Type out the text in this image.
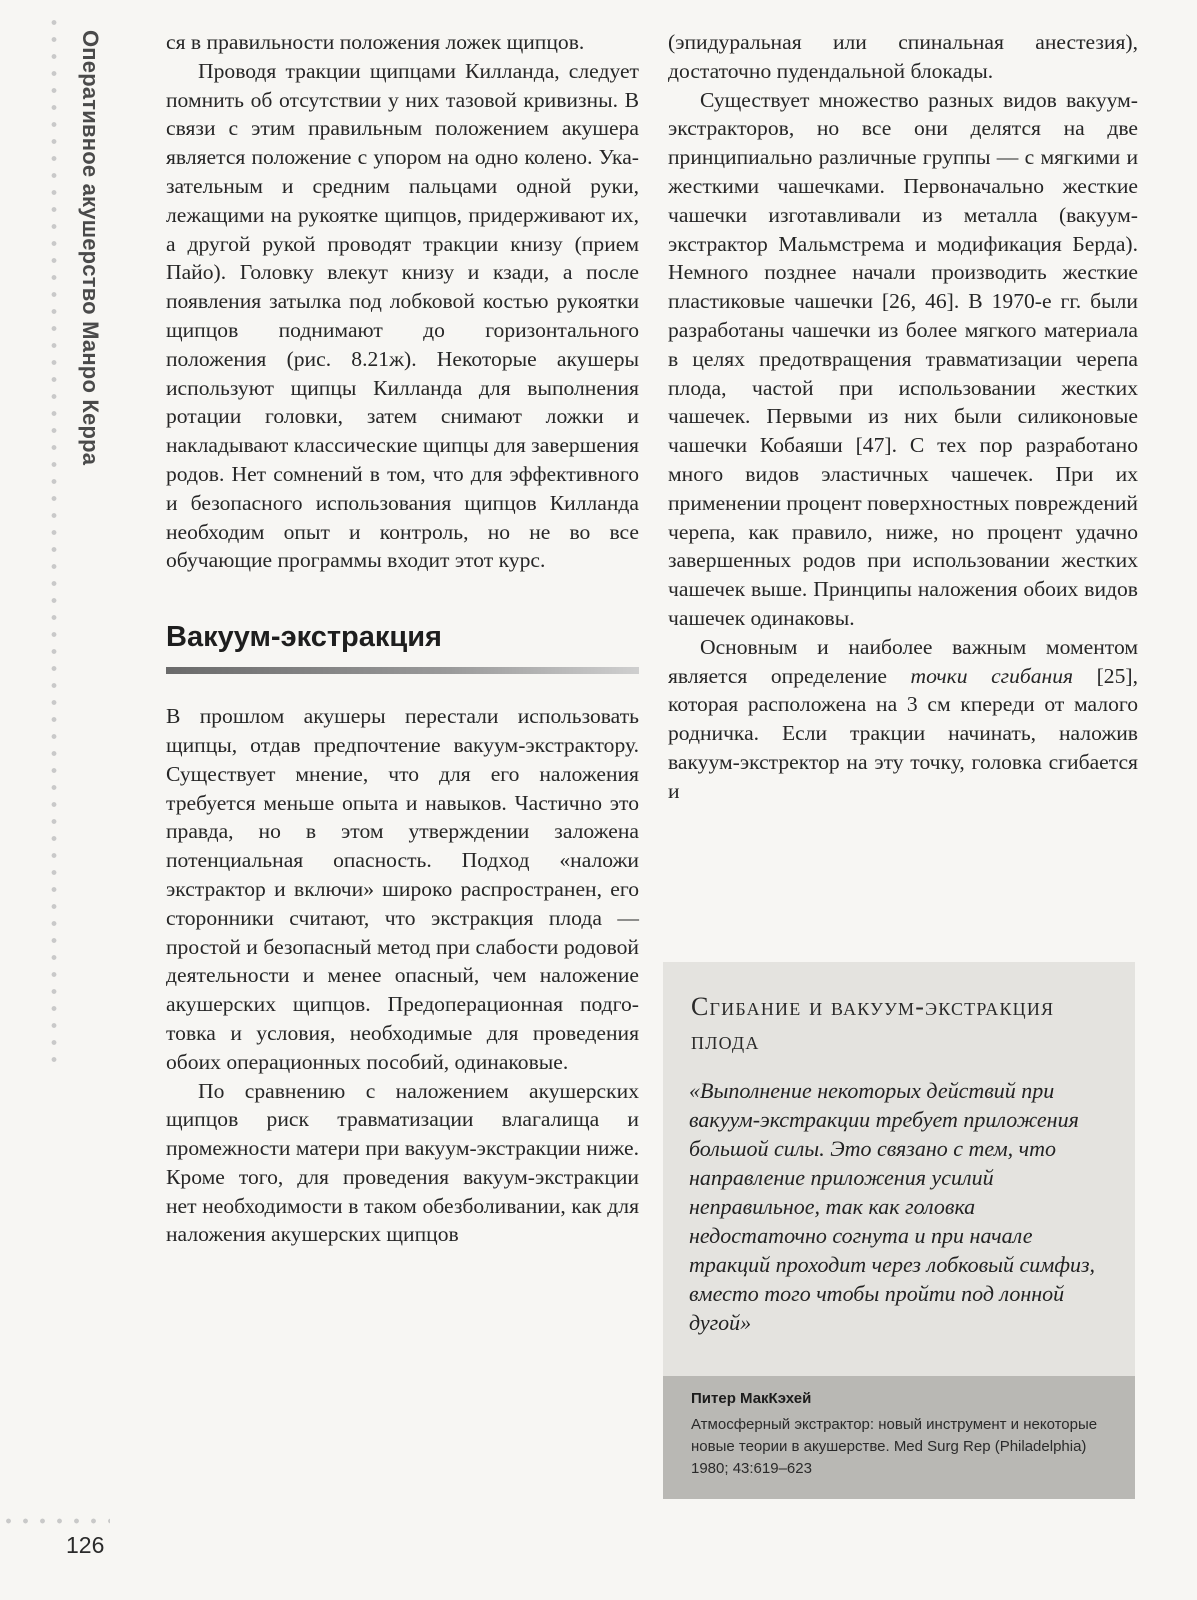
Оперативное акушерство Манро Керра	ся в правильности положения ложек щипцов.

Проводя тракции щипцами Килланда, следует помнить об отсутствии у них тазовой кривизны. В связи с этим правильным положением акушера является положение с упором на одно колено. Указательным и средним пальцами одной руки, лежащими на рукоятке щипцов, придерживают их, а другой рукой проводят тракции книзу (прием Пайо). Головку влекут книзу и кзади, а после появления затылка под лобковой костью рукоятки щипцов поднимают до горизонтального положения (рис. 8.21ж). Некоторые акушеры используют щипцы Килланда для выполнения ротации головки, затем снимают ложки и накладывают классические щипцы для завершения родов. Нет сомнений в том, что для эффективного и безопасного использования щипцов Килланда необходим опыт и контроль, но не во все обучающие программы входит этот курс.

Вакуум-экстракция

В прошлом акушеры перестали использовать щипцы, отдав предпочтение вакуум-экстрактору. Существует мнение, что для его наложения требуется меньше опыта и навыков. Частично это правда, но в этом утверждении заложена потенциальная опасность. Подход «наложи экстрактор и включи» широко распространен, его сторонники считают, что экстракция плода — простой и безопасный метод при слабости родовой деятельности и менее опасный, чем наложение акушерских щипцов. Предоперационная подготовка и условия, необходимые для проведения обоих операционных пособий, одинаковые.

По сравнению с наложением акушерских щипцов риск травматизации влагалища и промежности матери при вакуум-экстракции ниже. Кроме того, для проведения вакуум-экстракции нет необходимости в таком обезболивании, как для наложения акушерских щипцов

(эпидуральная или спинальная анестезия), достаточно пудендальной блокады.

Существует множество разных видов вакуум-экстракторов, но все они делятся на две принципиально различные группы — с мягкими и жесткими чашечками. Первоначально жесткие чашечки изготавливали из металла (вакуум-экстрактор Мальмстрема и модификация Берда). Немного позднее начали производить жесткие пластиковые чашечки [26, 46]. В 1970-е гг. были разработаны чашечки из более мягкого материала в целях предотвращения травматизации черепа плода, частой при использовании жестких чашечек. Первыми из них были силиконовые чашечки Кобаяши [47]. С тех пор разработано много видов эластичных чашечек. При их применении процент поверхностных повреждений черепа, как правило, ниже, но процент удачно завершенных родов при использовании жестких чашечек выше. Принципы наложения обоих видов чашечек одинаковы.

Основным и наиболее важным моментом является определение точки сгибания [25], которая расположена на 3 см кпереди от малого родничка. Если тракции начинать, наложив вакуум-экстректор на эту точку, головка сгибается и

Сгибание и вакуум-экстракция плода
«Выполнение некоторых действий при вакуум-экстракции требует приложения большой силы. Это связано с тем, что направление приложения усилий неправильное, так как головка недостаточно согнута и при начале тракций проходит через лобковый симфиз, вместо того чтобы пройти под лонной дугой»
Питер МакКэхей
Атмосферный экстрактор: новый инструмент и некоторые новые теории в акушерстве. Med Surg Rep (Philadelphia) 1980; 43:619–623
126
